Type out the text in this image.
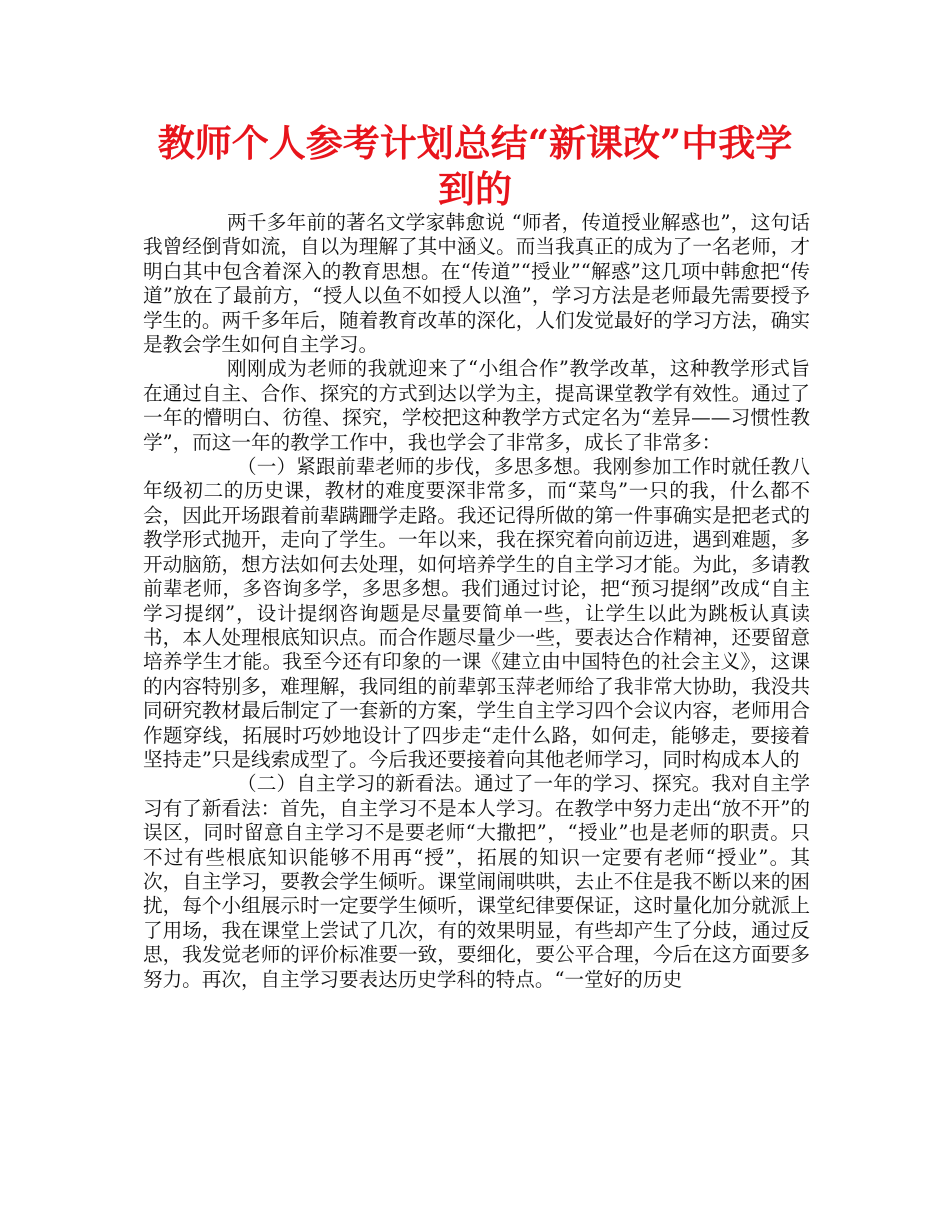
教师个人参考计划总结“新课改”中我学到的

两千多年前的著名文学家韩愈说 “师者，传道授业解惑也”，这句话我曾经倒背如流，自以为理解了其中涵义。而当我真正的成为了一名老师，才明白其中包含着深入的教育思想。在“传道”“授业”“解惑”这几项中韩愈把“传道”放在了最前方，“授人以鱼不如授人以渔”，学习方法是老师最先需要授予学生的。两千多年后，随着教育改革的深化，人们发觉最好的学习方法，确实是教会学生如何自主学习。

刚刚成为老师的我就迎来了“小组合作”教学改革，这种教学形式旨在通过自主、合作、探究的方式到达以学为主，提高课堂教学有效性。通过了一年的懵明白、彷徨、探究，学校把这种教学方式定名为“差异——习惯性教学”，而这一年的教学工作中，我也学会了非常多，成长了非常多：

（一）紧跟前辈老师的步伐，多思多想。我刚参加工作时就任教八年级初二的历史课，教材的难度要深非常多，而“菜鸟”一只的我，什么都不会，因此开场跟着前辈蹒跚学走路。我还记得所做的第一件事确实是把老式的教学形式抛开，走向了学生。一年以来，我在探究着向前迈进，遇到难题，多开动脑筋，想方法如何去处理，如何培养学生的自主学习才能。为此，多请教前辈老师，多咨询多学，多思多想。我们通过讨论，把“预习提纲”改成“自主学习提纲”，设计提纲咨询题是尽量要简单一些，让学生以此为跳板认真读书，本人处理根底知识点。而合作题尽量少一些，要表达合作精神，还要留意培养学生才能。我至今还有印象的一课《建立由中国特色的社会主义》，这课的内容特别多，难理解，我同组的前辈郭玉萍老师给了我非常大协助，我没共同研究教材最后制定了一套新的方案，学生自主学习四个会议内容，老师用合作题穿线，拓展时巧妙地设计了四步走“走什么路，如何走，能够走，要接着坚持走”只是线索成型了。今后我还要接着向其他老师学习，同时构成本人的

（二）自主学习的新看法。通过了一年的学习、探究。我对自主学习有了新看法：首先，自主学习不是本人学习。在教学中努力走出“放不开”的误区，同时留意自主学习不是要老师“大撒把”，“授业”也是老师的职责。只不过有些根底知识能够不用再“授”，拓展的知识一定要有老师“授业”。其次，自主学习，要教会学生倾听。课堂闹闹哄哄，去止不住是我不断以来的困扰，每个小组展示时一定要学生倾听，课堂纪律要保证，这时量化加分就派上了用场，我在课堂上尝试了几次，有的效果明显，有些却产生了分歧，通过反思，我发觉老师的评价标准要一致，要细化，要公平合理，今后在这方面要多努力。再次，自主学习要表达历史学科的特点。“一堂好的历史
